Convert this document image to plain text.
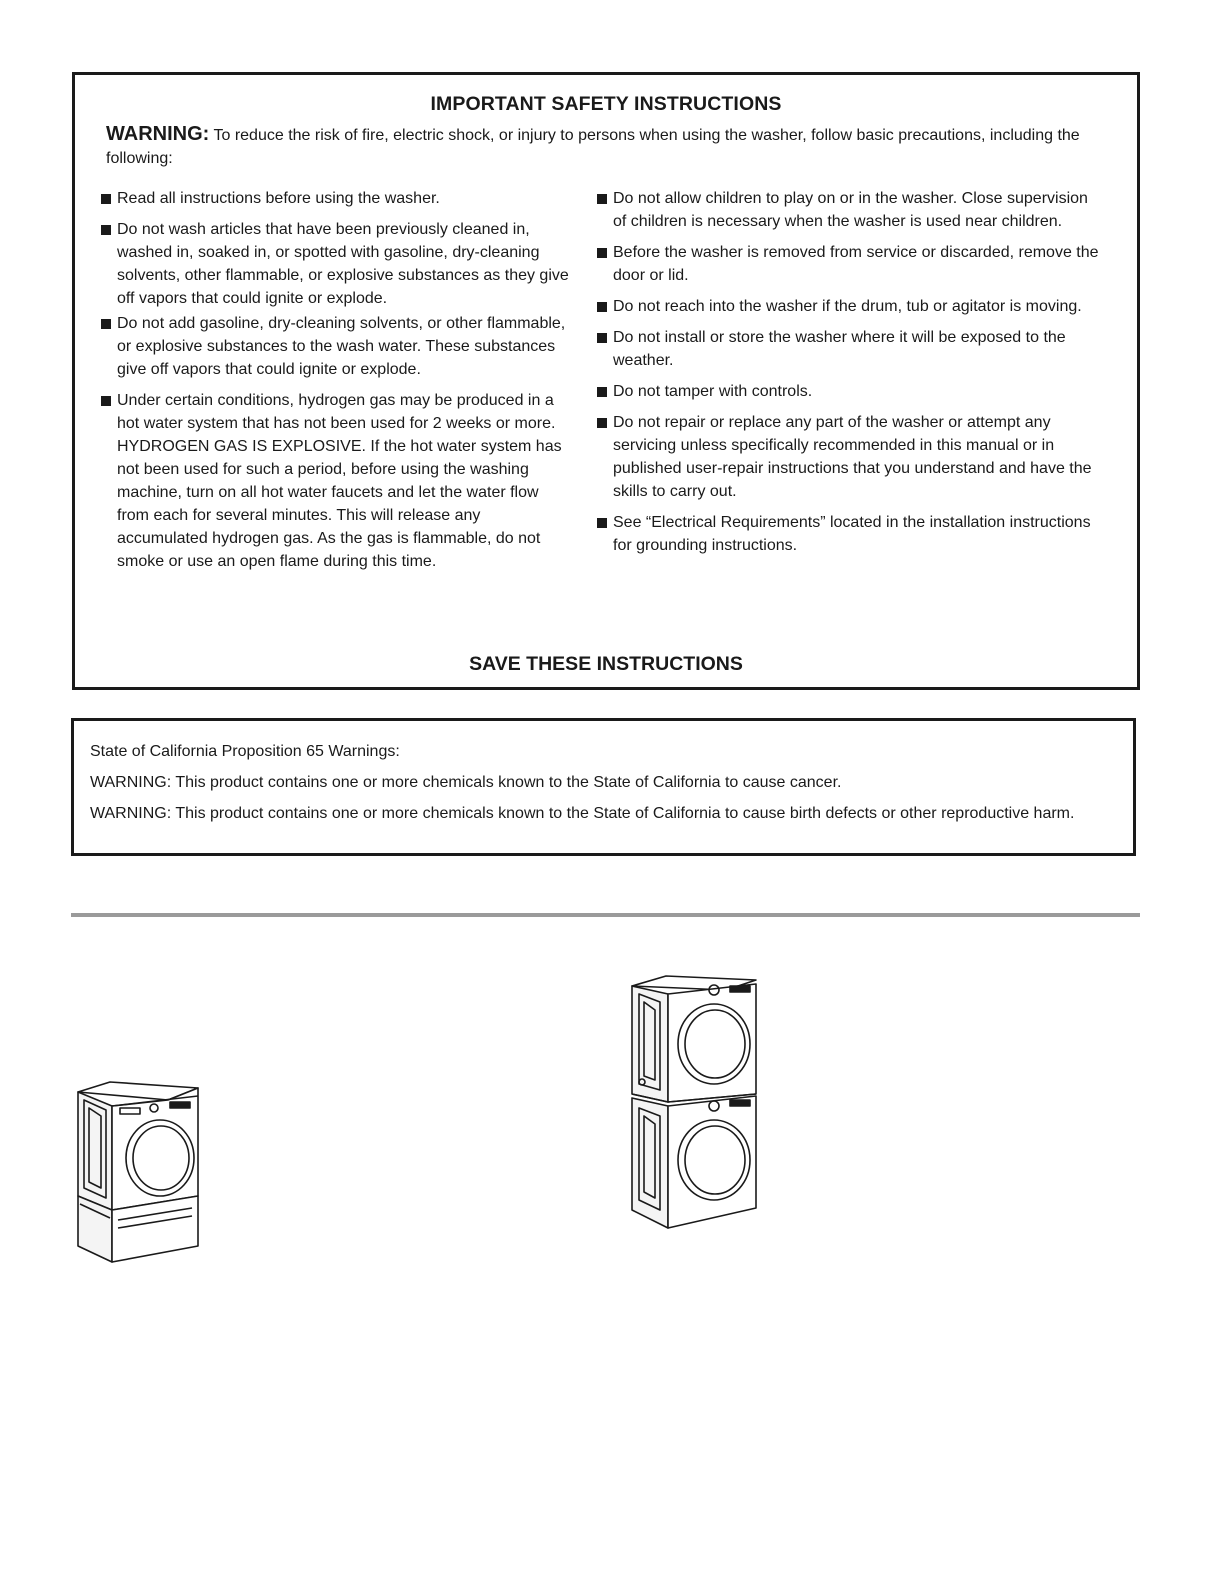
IMPORTANT SAFETY INSTRUCTIONS
WARNING: To reduce the risk of fire, electric shock, or injury to persons when using the washer, follow basic precautions, including the following:
Read all instructions before using the washer.
Do not wash articles that have been previously cleaned in, washed in, soaked in, or spotted with gasoline, dry-cleaning solvents, other flammable, or explosive substances as they give off vapors that could ignite or explode.
Do not add gasoline, dry-cleaning solvents, or other flammable, or explosive substances to the wash water. These substances give off vapors that could ignite or explode.
Under certain conditions, hydrogen gas may be produced in a hot water system that has not been used for 2 weeks or more. HYDROGEN GAS IS EXPLOSIVE. If the hot water system has not been used for such a period, before using the washing machine, turn on all hot water faucets and let the water flow from each for several minutes. This will release any accumulated hydrogen gas. As the gas is flammable, do not smoke or use an open flame during this time.
Do not allow children to play on or in the washer. Close supervision of children is necessary when the washer is used near children.
Before the washer is removed from service or discarded, remove the door or lid.
Do not reach into the washer if the drum, tub or agitator is moving.
Do not install or store the washer where it will be exposed to the weather.
Do not tamper with controls.
Do not repair or replace any part of the washer or attempt any servicing unless specifically recommended in this manual or in published user-repair instructions that you understand and have the skills to carry out.
See “Electrical Requirements” located in the installation instructions for grounding instructions.
SAVE THESE INSTRUCTIONS

State of California Proposition 65 Warnings:

WARNING: This product contains one or more chemicals known to the State of California to cause cancer.

WARNING: This product contains one or more chemicals known to the State of California to cause birth defects or other reproductive harm.
